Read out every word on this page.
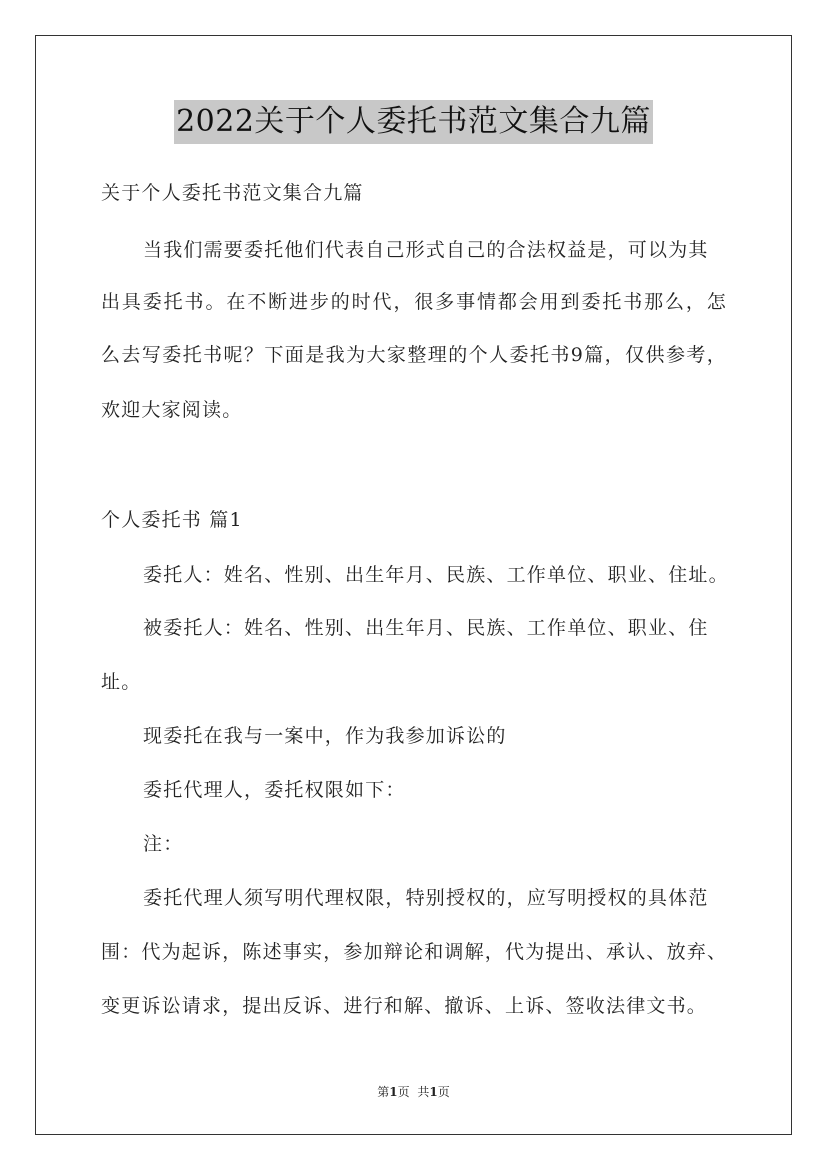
2022关于个人委托书范文集合九篇
关于个人委托书范文集合九篇
当我们需要委托他们代表自己形式自己的合法权益是，可以为其
出具委托书。在不断进步的时代，很多事情都会用到委托书那么，怎
么去写委托书呢？下面是我为大家整理的个人委托书9篇，仅供参考，
欢迎大家阅读。
个人委托书 篇1
委托人：姓名、性别、出生年月、民族、工作单位、职业、住址。
被委托人：姓名、性别、出生年月、民族、工作单位、职业、住
址。
现委托在我与一案中，作为我参加诉讼的
委托代理人，委托权限如下：
注：
委托代理人须写明代理权限，特别授权的，应写明授权的具体范
围：代为起诉，陈述事实，参加辩论和调解，代为提出、承认、放弃、
变更诉讼请求，提出反诉、进行和解、撤诉、上诉、签收法律文书。
第1页 共1页
